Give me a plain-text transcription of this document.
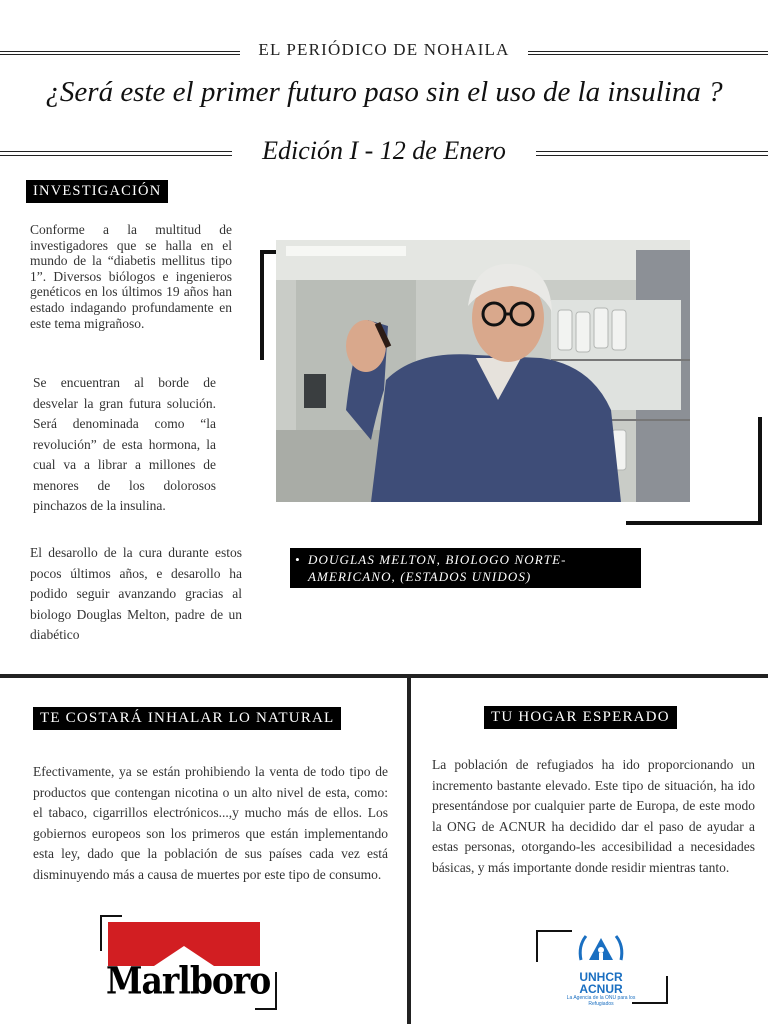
EL PERIÓDICO DE NOHAILA
¿Será este el primer futuro paso sin el uso de la insulina ?
Edición I - 12 de Enero
INVESTIGACIÓN
Conforme a la multitud de investigadores que se halla en el mundo de la “diabetis mellitus tipo 1”. Diversos biólogos e ingenieros genéticos en los últimos 19 años han estado indagando profundamente en este tema migrañoso.
Se encuentran al borde de desvelar la gran futura solución. Será denominada como “la revolución” de esta hormona, la cual va a librar a millones de menores de los dolorosos pinchazos de la insulina.
El desarollo de la cura durante estos pocos últimos años, e desarollo ha podido seguir avanzando gracias al biologo Douglas Melton, padre de un diabético
• DOUGLAS MELTON, BIOLOGO NORTE-AMERICANO, (ESTADOS UNIDOS)
TE COSTARÁ INHALAR LO NATURAL
Efectivamente, ya se están prohibiendo la venta de todo tipo de productos que contengan nicotina o un alto nivel de esta, como: el tabaco, cigarrillos electrónicos...,y mucho más de ellos. Los gobiernos europeos son los primeros que están implementando esta ley, dado que la población de sus países cada vez está disminuyendo más a causa de muertes por este tipo de consumo.
Marlboro
TU HOGAR ESPERADO
La población de refugiados ha ido proporcionando un incremento bastante elevado. Este tipo de situación, ha ido presentándose por cualquier parte de Europa, de este modo la ONG de ACNUR ha decidido dar el paso de ayudar a estas personas, otorgando-les accesibilidad a necesidades básicas, y más importante donde residir mientras tanto.
UNHCR
ACNUR
La Agencia de la ONU para los Refugiados
